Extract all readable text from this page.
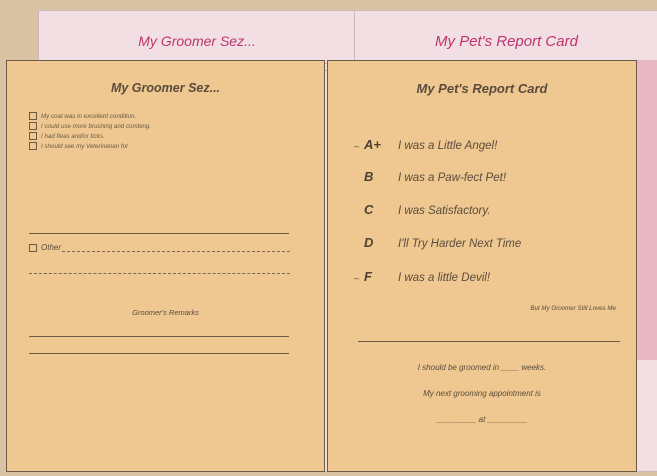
My Groomer Sez...	My Pet's Report Card
My Groomer Sez...
My coat was in excellent condition.
I could use more brushing and combing.
I had fleas and/or ticks.
I should see my Veterinarian for
Other
Groomer's Remarks
My Pet's Report Card
– A+	I was a Little Angel!
B	I was a Paw-fect Pet!
C	I was Satisfactory.
D	I'll Try Harder Next Time
– F	I was a little Devil!
But My Groomer Still Loves Me
I should be groomed in ____ weeks.
My next grooming appointment is
_________ at _________
